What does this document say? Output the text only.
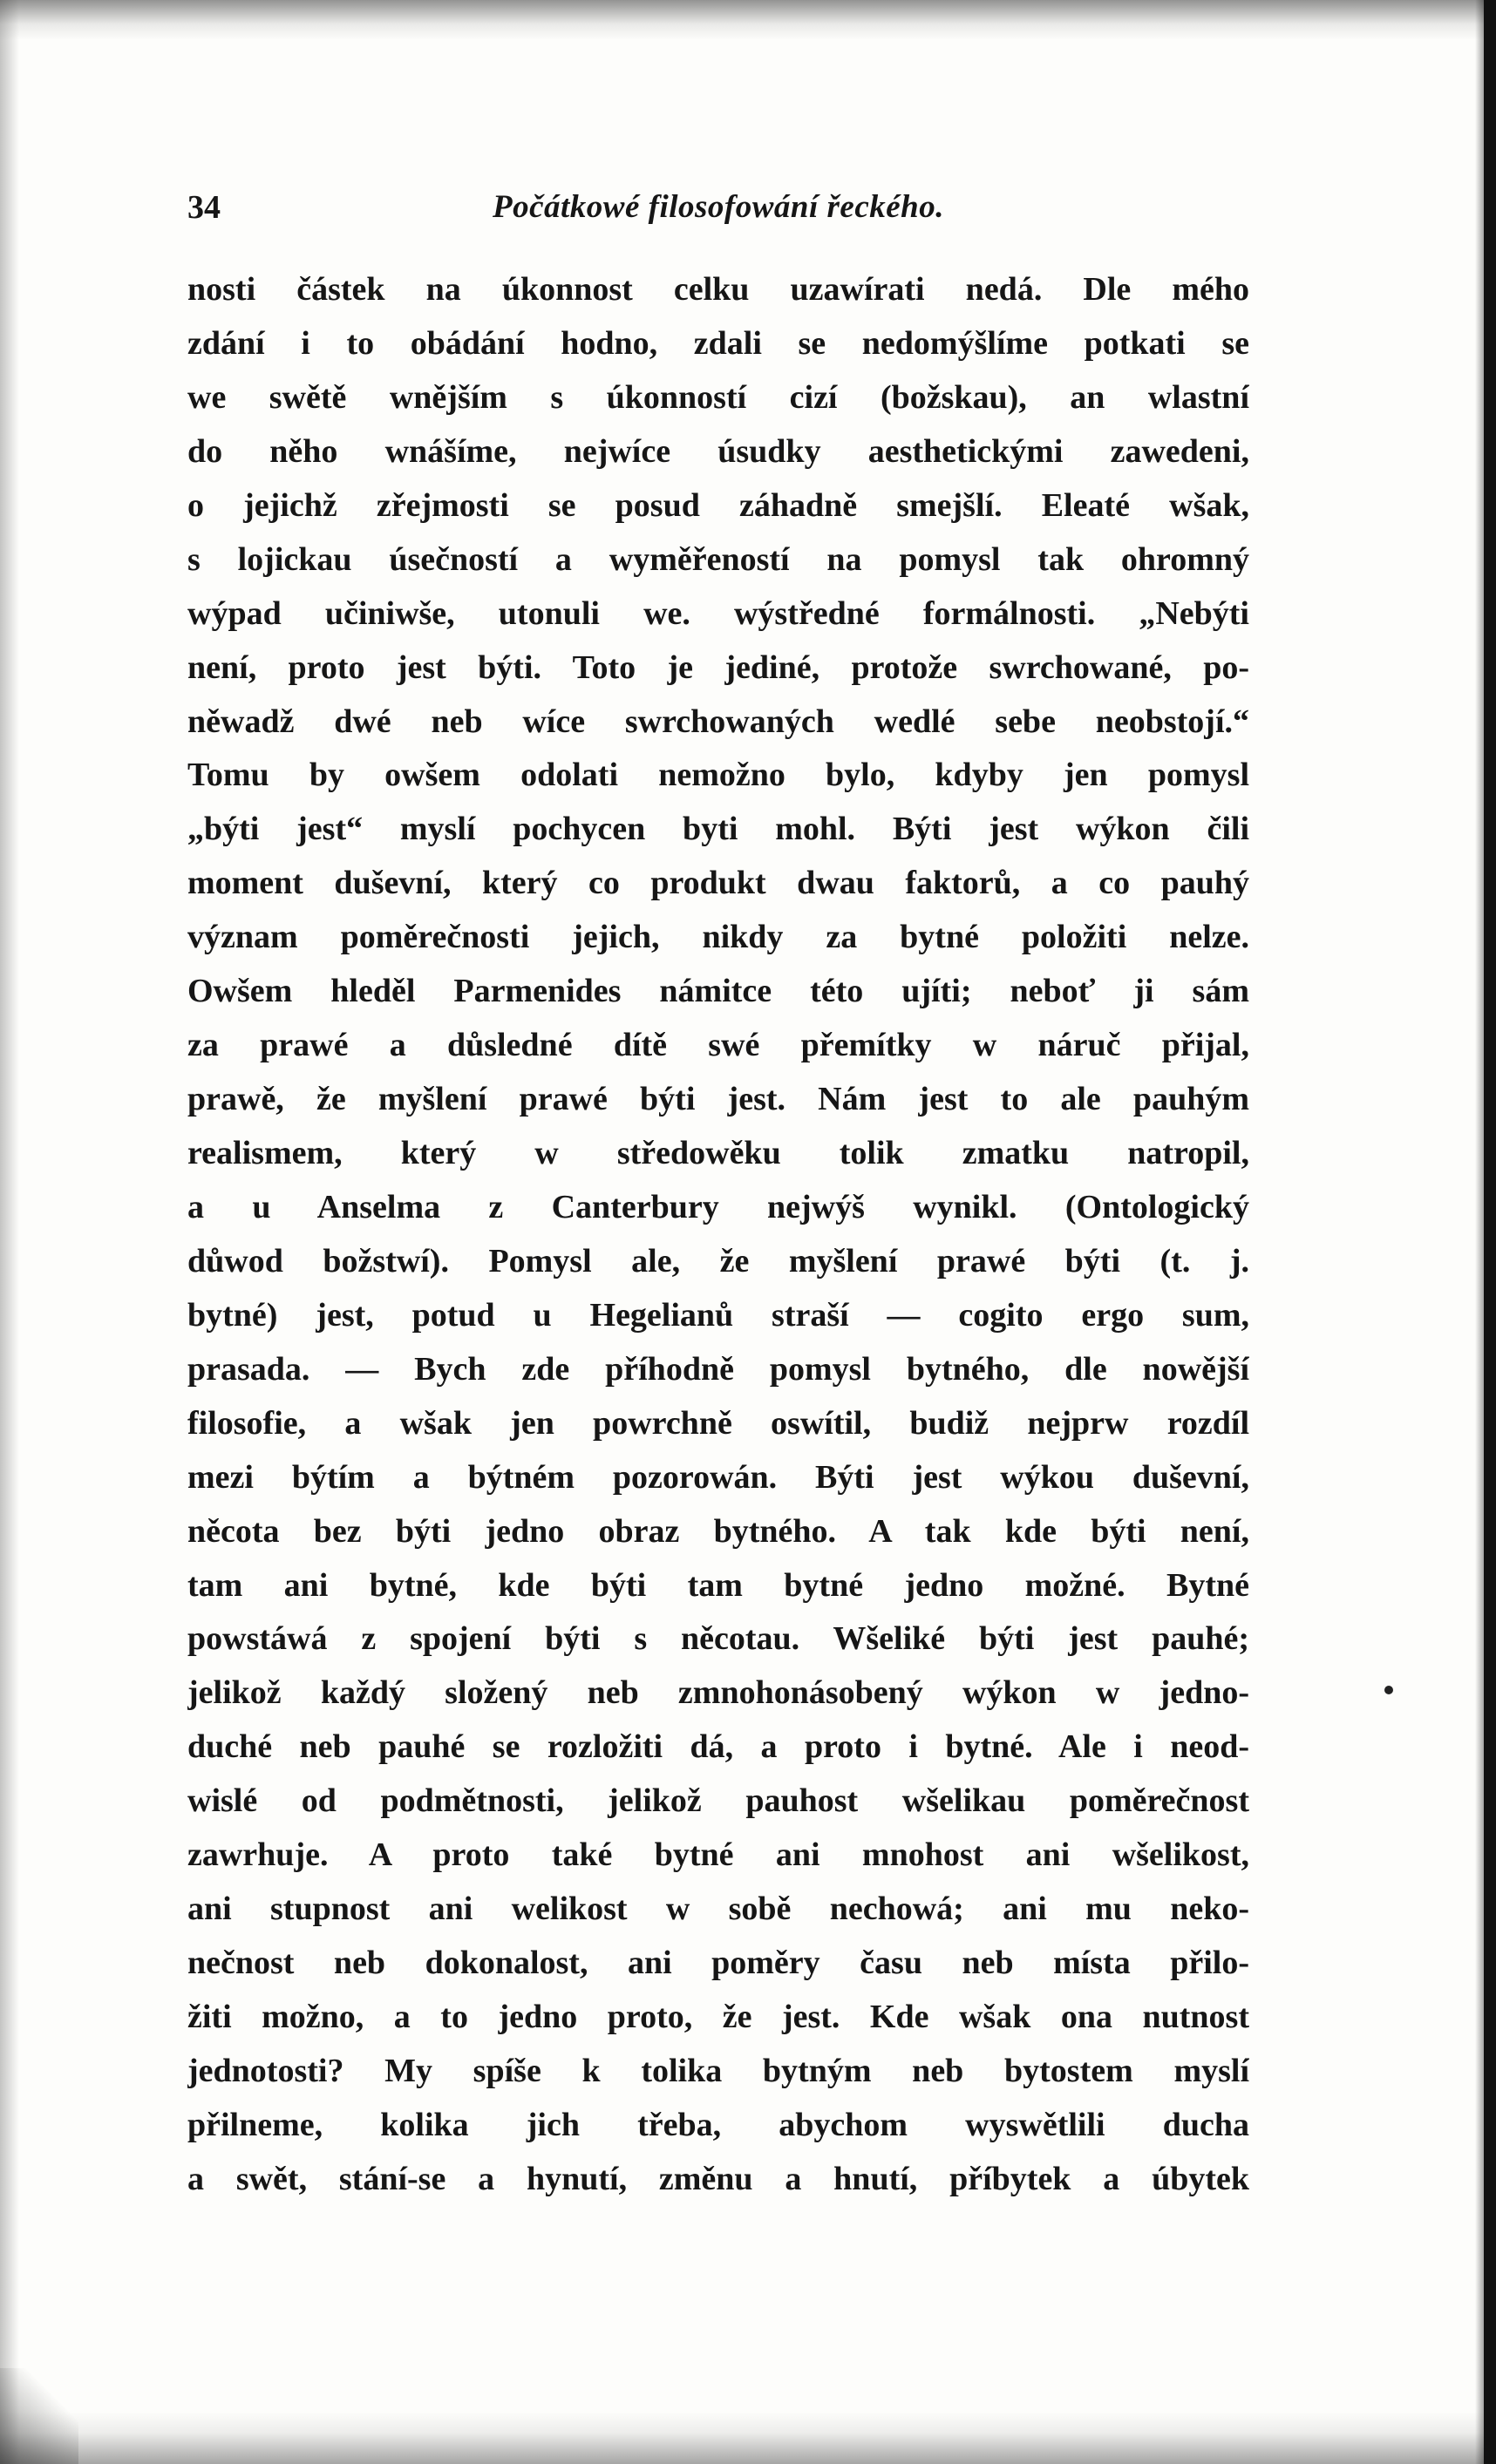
34	Počátkowé filosofowání řeckého.
nosti částek na úkonnost celku uzawírati nedá. Dle mého
zdání i to obádání hodno, zdali se nedomýšlíme potkati se
we swětě wnějším s úkonností cizí (božskau), an wlastní
do něho wnášíme, nejwíce úsudky aesthetickými zawedeni,
o jejichž zřejmosti se posud záhadně smejšlí. Eleaté wšak,
s lojickau úsečností a wyměřeností na pomysl tak ohromný
wýpad učiniwše, utonuli we. wýstředné formálnosti. „Nebýti
není, proto jest býti. Toto je jediné, protože swrchowané, po-
něwadž dwé neb wíce swrchowaných wedlé sebe neobstojí.“
Tomu by owšem odolati nemožno bylo, kdyby jen pomysl
„býti jest“ myslí pochycen byti mohl. Býti jest wýkon čili
moment duševní, který co produkt dwau faktorů, a co pauhý
význam poměrečnosti jejich, nikdy za bytné položiti nelze.
Owšem hleděl Parmenides námitce této ujíti; neboť ji sám
za prawé a důsledné dítě swé přemítky w náruč přijal,
prawě, že myšlení prawé býti jest. Nám jest to ale pauhým
realismem, který w středowěku tolik zmatku natropil,
a u Anselma z Canterbury nejwýš wynikl. (Ontologický
důwod božstwí). Pomysl ale, že myšlení prawé býti (t. j.
bytné) jest, potud u Hegelianů straší — cogito ergo sum,
prasada. — Bych zde příhodně pomysl bytného, dle nowější
filosofie, a wšak jen powrchně oswítil, budiž nejprw rozdíl
mezi býtím a býtném pozorowán. Býti jest wýkou duševní,
něcota bez býti jedno obraz bytného. A tak kde býti není,
tam ani bytné, kde býti tam bytné jedno možné. Bytné
powstáwá z spojení býti s něcotau. Wšeliké býti jest pauhé;
jelikož každý složený neb zmnohonásobený wýkon w jedno-
duché neb pauhé se rozložiti dá, a proto i bytné. Ale i neod-
wislé od podmětnosti, jelikož pauhost wšelikau poměrečnost
zawrhuje. A proto také bytné ani mnohost ani wšelikost,
ani stupnost ani welikost w sobě nechowá; ani mu neko-
nečnost neb dokonalost, ani poměry času neb místa přilo-
žiti možno, a to jedno proto, že jest. Kde wšak ona nutnost
jednotosti? My spíše k tolika bytným neb bytostem myslí
přilneme, kolika jich třeba, abychom wyswětlili ducha
a swět, stání-se a hynutí, změnu a hnutí, příbytek a úbytek
